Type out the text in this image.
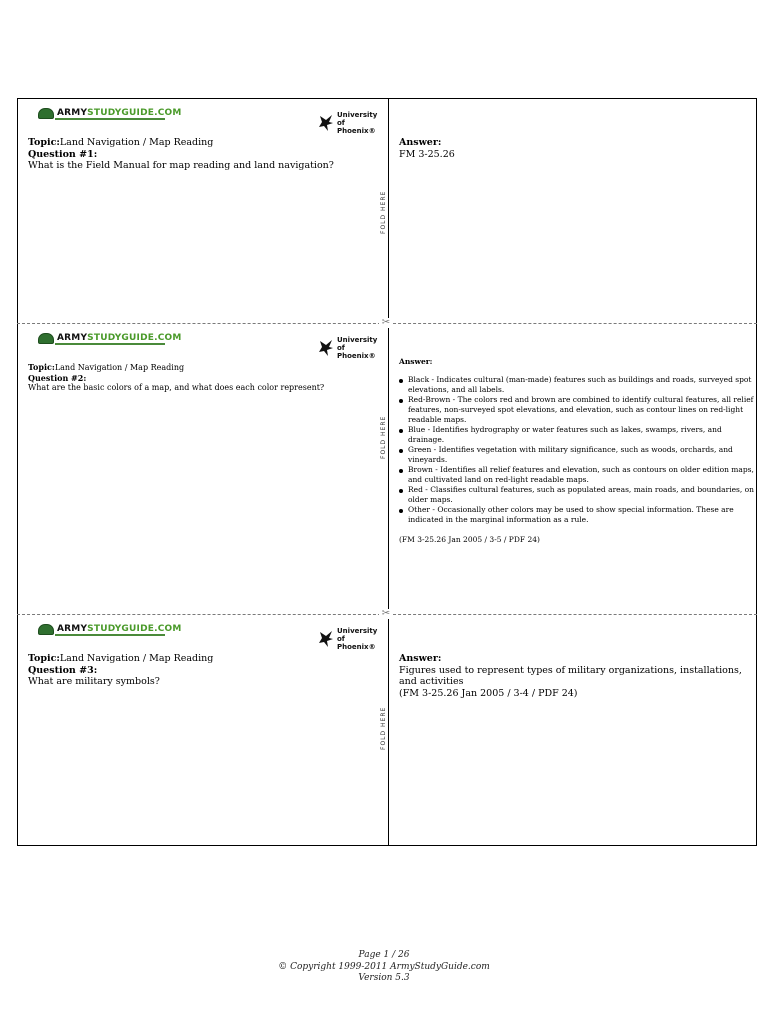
ARMYSTUDYGUIDE.COM	University
of Phoenix®
Topic:Land Navigation / Map Reading
Question #1:
What is the Field Manual for map reading and land navigation?
FOLD HERE
Answer:
FM 3-25.26
ARMYSTUDYGUIDE.COM	University
of Phoenix®
Topic:Land Navigation / Map Reading
Question #2:
What are the basic colors of a map, and what does each color represent?
FOLD HERE
Answer:
Black - Indicates cultural (man-made) features such as buildings and roads, surveyed spot elevations, and all labels.
Red-Brown - The colors red and brown are combined to identify cultural features, all relief features, non-surveyed spot elevations, and elevation, such as contour lines on red-light readable maps.
Blue - Identifies hydrography or water features such as lakes, swamps, rivers, and drainage.
Green - Identifies vegetation with military significance, such as woods, orchards, and vineyards.
Brown - Identifies all relief features and elevation, such as contours on older edition maps, and cultivated land on red-light readable maps.
Red - Classifies cultural features, such as populated areas, main roads, and boundaries, on older maps.
Other - Occasionally other colors may be used to show special information. These are indicated in the marginal information as a rule.
(FM 3-25.26 Jan 2005 / 3-5 / PDF 24)
ARMYSTUDYGUIDE.COM	University
of Phoenix®
Topic:Land Navigation / Map Reading
Question #3:
What are military symbols?
FOLD HERE
Answer:
Figures used to represent types of military organizations, installations, and activities
(FM 3-25.26 Jan 2005 / 3-4 / PDF 24)
✂
✂
Page 1 / 26
© Copyright 1999-2011 ArmyStudyGuide.com
Version 5.3
